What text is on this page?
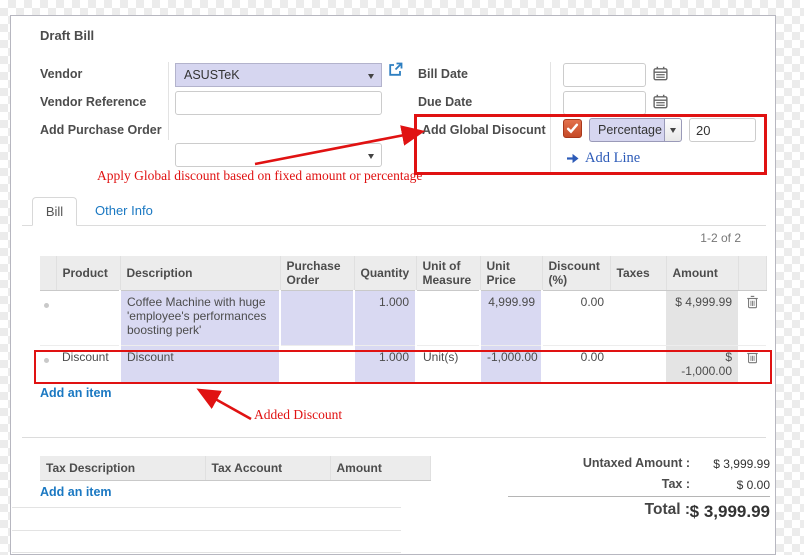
Draft Bill
Vendor	ASUSTeK
Vendor Reference
Add Purchase Order
Bill Date
Due Date
Add Global Disocunt	Percentage
20
Add Line
Apply Global discount based on fixed amount or percentage
Bill Other Info
1-2 of 2
	Product	Description	Purchase Order	Quantity	Unit of Measure	Unit Price	Discount (%)	Taxes	Amount	
		Coffee Machine with huge 'employee's performances boosting perk'		1.000		4,999.99	0.00		$ 4,999.99	
	Discount	Discount		1.000	Unit(s)	-1,000.00	0.00		$ -1,000.00	
Add an item
Added Discount
Tax Description	Tax Account	Amount
Add an item
Untaxed Amount :	$ 3,999.99
Tax :	$ 0.00
Total : $ 3,999.99
